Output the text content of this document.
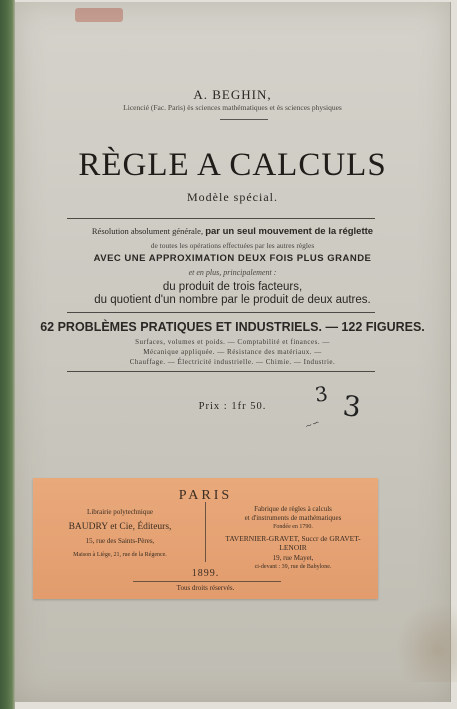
A. BEGHIN,
Licencié (Fac. Paris) ès sciences mathématiques et ès sciences physiques
RÈGLE A CALCULS
Modèle spécial.
Résolution absolument générale, par un seul mouvement de la réglette
de toutes les opérations effectuées par les autres règles
AVEC UNE APPROXIMATION DEUX FOIS PLUS GRANDE
et en plus, principalement :
du produit de trois facteurs,
du quotient d'un nombre par le produit de deux autres.
62 PROBLÈMES PRATIQUES ET INDUSTRIELS. — 122 FIGURES.
Surfaces, volumes et poids. — Comptabilité et finances. —
Mécanique appliquée. — Résistance des matériaux. —
Chauffage. — Électricité industrielle. — Chimie. — Industrie.
Prix : 1fr 50.	3 3
∼∽
PARIS
Librairie polytechnique
BAUDRY et Cie, Éditeurs,
15, rue des Saints-Pères,
Maison à Liège, 21, rue de la Régence.
Fabrique de règles à calculs
et d'instruments de mathématiques
Fondée en 1790.
TAVERNIER-GRAVET, Succr de GRAVET-LENOIR
19, rue Mayet,
ci-devant : 39, rue de Babylone.
1899.
Tous droits réservés.
